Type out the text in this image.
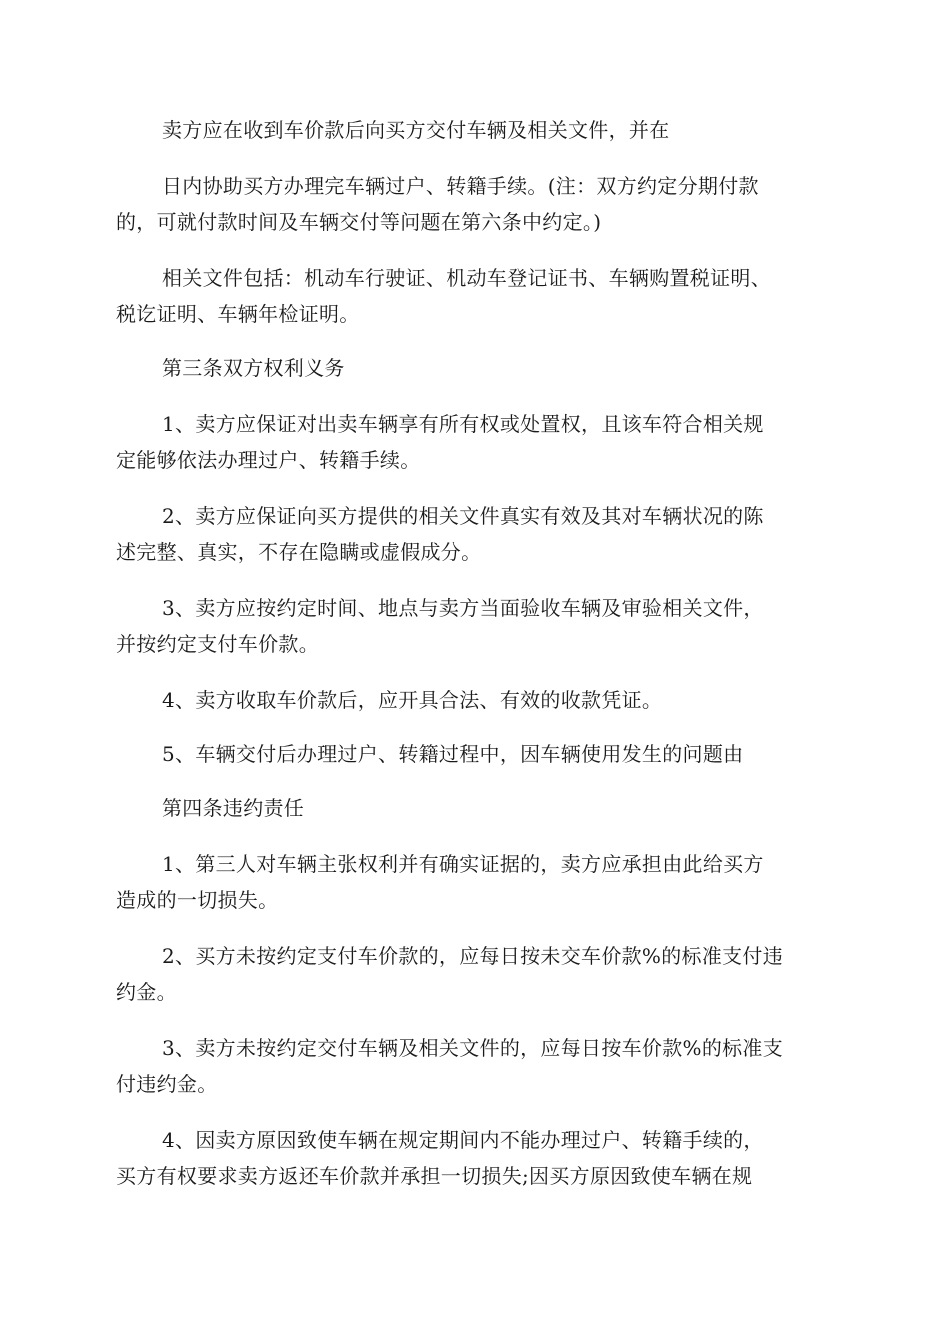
卖方应在收到车价款后向买方交付车辆及相关文件，并在
日内协助买方办理完车辆过户、转籍手续。(注：双方约定分期付款
的，可就付款时间及车辆交付等问题在第六条中约定。)
相关文件包括：机动车行驶证、机动车登记证书、车辆购置税证明、
税讫证明、车辆年检证明。
第三条双方权利义务
1、卖方应保证对出卖车辆享有所有权或处置权，且该车符合相关规
定能够依法办理过户、转籍手续。
2、卖方应保证向买方提供的相关文件真实有效及其对车辆状况的陈
述完整、真实，不存在隐瞒或虚假成分。
3、卖方应按约定时间、地点与卖方当面验收车辆及审验相关文件，
并按约定支付车价款。
4、卖方收取车价款后，应开具合法、有效的收款凭证。
5、车辆交付后办理过户、转籍过程中，因车辆使用发生的问题由
第四条违约责任
1、第三人对车辆主张权利并有确实证据的，卖方应承担由此给买方
造成的一切损失。
2、买方未按约定支付车价款的，应每日按未交车价款%的标准支付违
约金。
3、卖方未按约定交付车辆及相关文件的，应每日按车价款%的标准支
付违约金。
4、因卖方原因致使车辆在规定期间内不能办理过户、转籍手续的，
买方有权要求卖方返还车价款并承担一切损失;因买方原因致使车辆在规
